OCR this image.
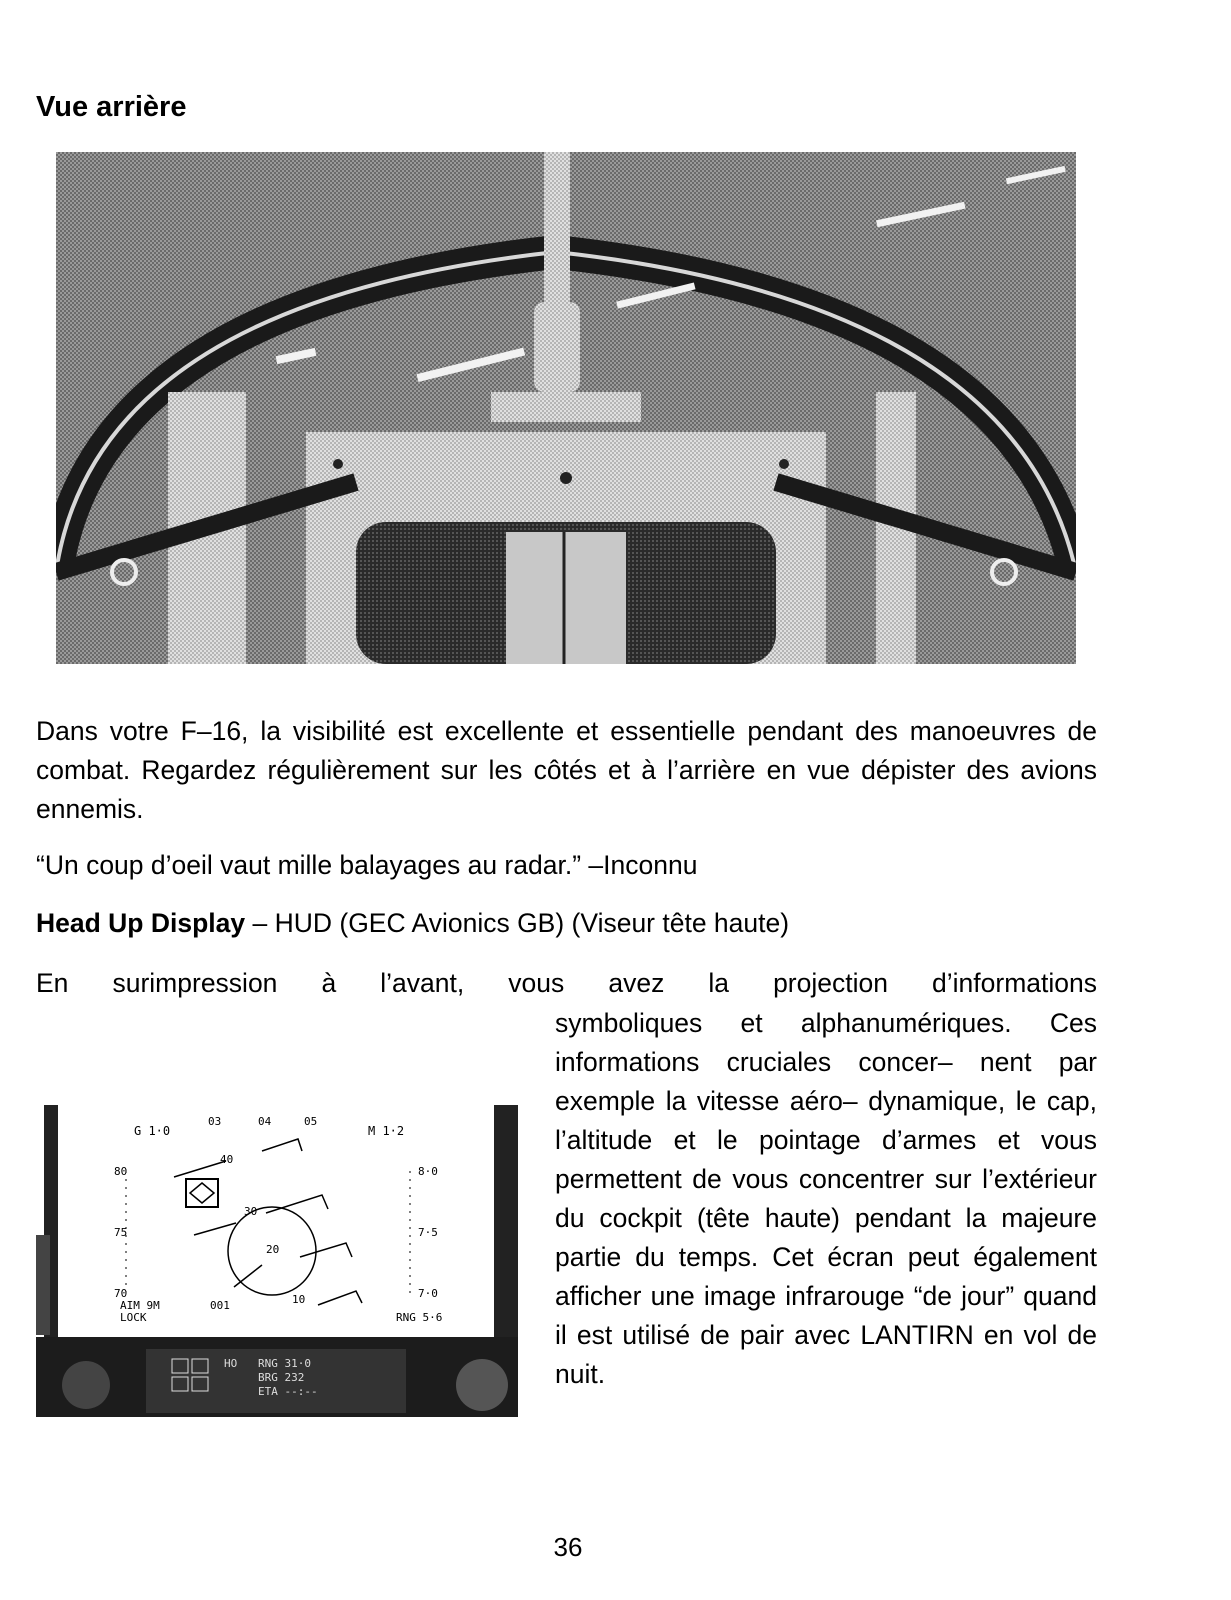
Vue arrière

Dans votre F–16, la visibilité est excellente et essentielle pendant des manoeuvres de combat. Regardez régulièrement sur les côtés et à l’arrière en vue dépister des avions ennemis.

“Un coup d’oeil vaut mille balayages au radar.” –Inconnu

Head Up Display – HUD (GEC Avionics GB) (Viseur tête haute)

En surimpression à l’avant, vous avez la projection d’informations

symboliques et alphanumériques. Ces informations cruciales concer– nent par exemple la vitesse aéro– dynamique, le cap, l’altitude et le pointage d’armes et vous permettent de vous concentrer sur l’extérieur du cockpit (tête haute) pendant la majeure partie du temps. Cet écran peut également afficher une image infrarouge “de jour” quand il est utilisé de pair avec LANTIRN en vol de nuit.

G 1·0	M 1·2
03	04	05
80
75
70
8·0
7·5
7·0
40
30
20
10
AIM 9M
LOCK
001
RNG 5·6
HO RNG 31·0
BRG 232
ETA --:--
36
